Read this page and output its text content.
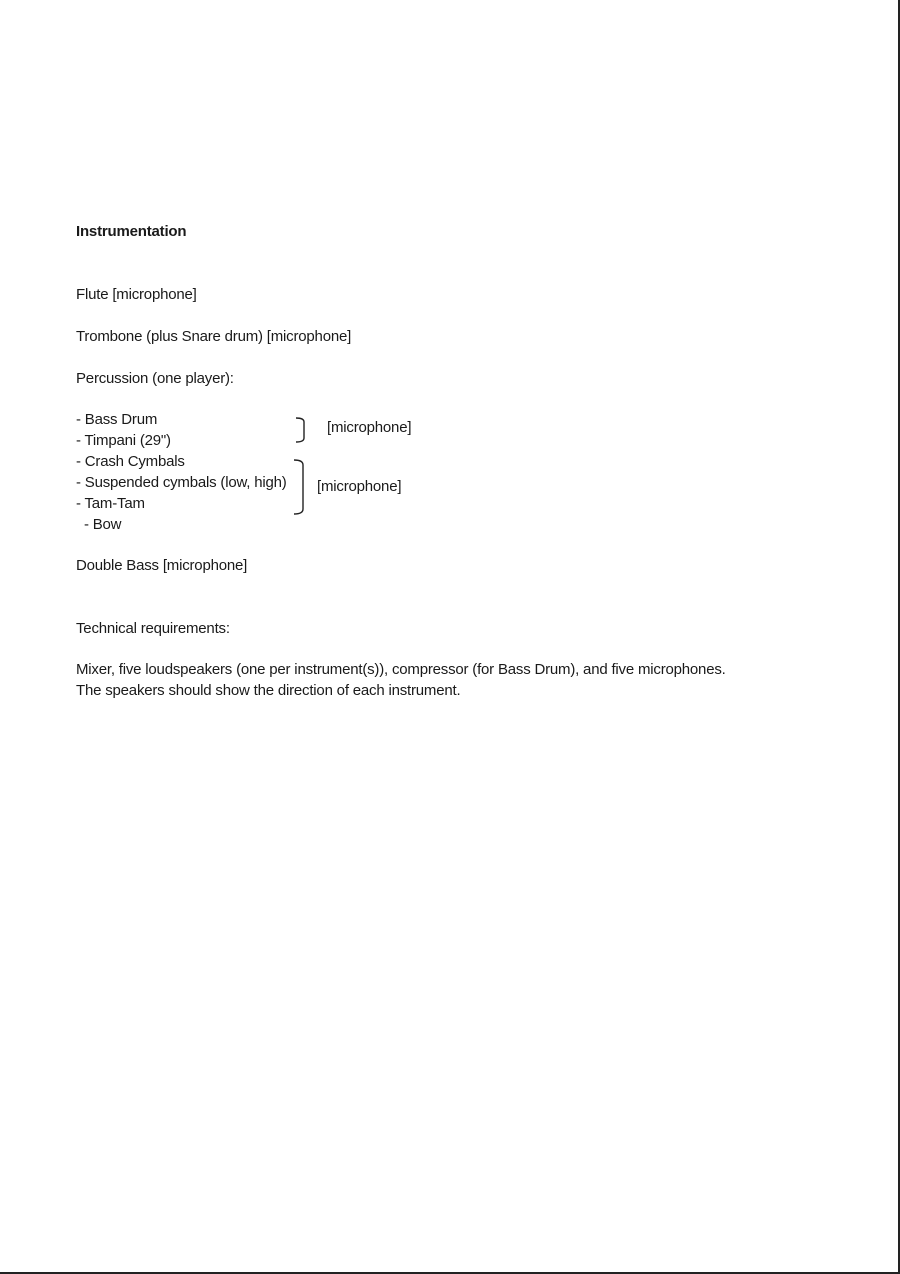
Instrumentation
Flute [microphone]
Trombone (plus Snare drum) [microphone]
Percussion (one player):
- Bass Drum
- Timpani (29")
- Crash Cymbals
- Suspended cymbals (low, high)
- Tam-Tam
- Bow
[microphone]
[microphone]
Double Bass [microphone]
Technical requirements:
Mixer, five loudspeakers (one per instrument(s)), compressor (for Bass Drum), and five microphones.
The speakers should show the direction of each instrument.
